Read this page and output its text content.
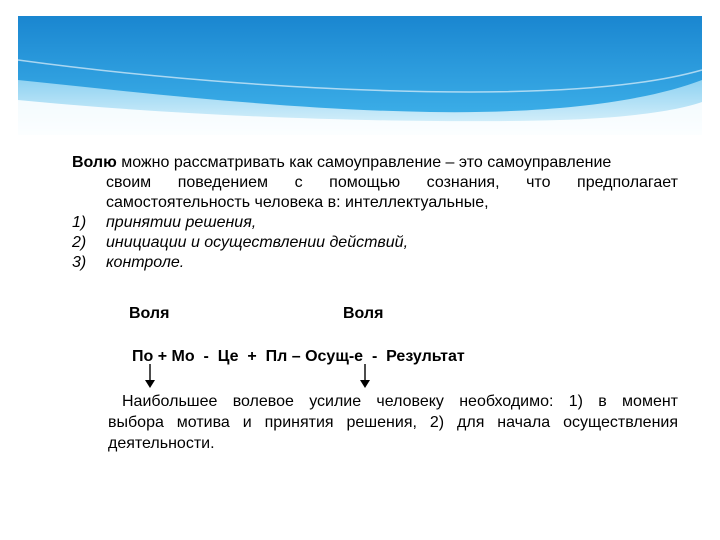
Волю можно рассматривать как самоуправление – это самоуправление
своим поведением с помощью сознания, что предполагает
самостоятельность человека в: интеллектуальные,
1) принятии решения,
2) инициации и осуществлении действий,
3) контроле.
Воля	Воля
По + Мо  -  Це  +  Пл – Осущ-е  -  Результат
Наибольшее волевое усилие человеку необходимо: 1) в момент
выбора мотива и принятия решения, 2) для начала осуществления
деятельности.
